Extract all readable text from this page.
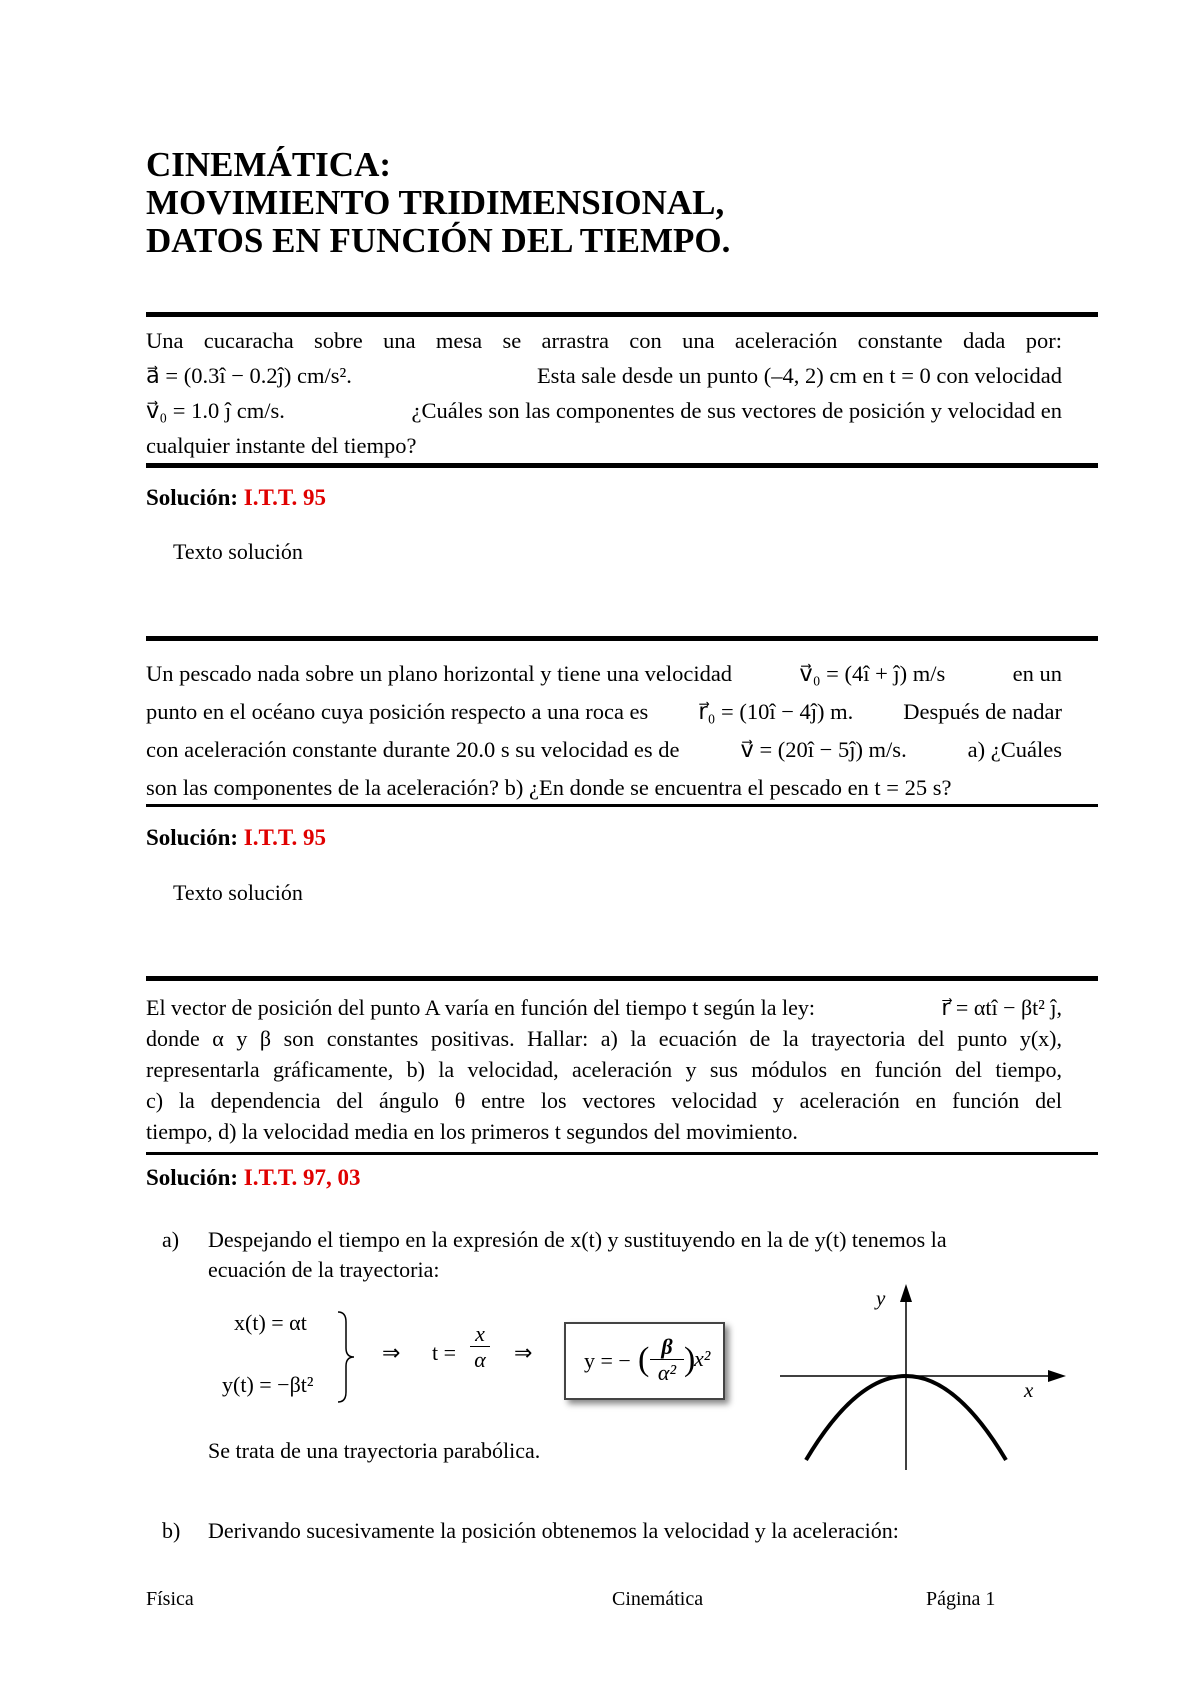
CINEMÁTICA:
MOVIMIENTO TRIDIMENSIONAL,
DATOS EN FUNCIÓN DEL TIEMPO.
Una cucaracha sobre una mesa se arrastra con una aceleración constante dada por:
a⃗ = (0.3î − 0.2ĵ) cm/s².	Esta sale desde un punto (–4, 2) cm en t = 0 con velocidad
v⃗₀ = 1.0 ĵ cm/s.	¿Cuáles son las componentes de sus vectores de posición y velocidad en
cualquier instante del tiempo?
Solución: I.T.T. 95
Texto solución
Un pescado nada sobre un plano horizontal y tiene una velocidad	v⃗₀ = (4î + ĵ) m/s	en un
punto en el océano cuya posición respecto a una roca es r⃗₀ = (10î − 4ĵ) m. Después de nadar
con aceleración constante durante 20.0 s su velocidad es de	v⃗ = (20î − 5ĵ) m/s.	a) ¿Cuáles
son las componentes de la aceleración? b) ¿En donde se encuentra el pescado en t = 25 s?
Solución: I.T.T. 95
Texto solución
El vector de posición del punto A varía en función del tiempo t según la ley:	r⃗ = αtî − βt² ĵ,
donde α y β son constantes positivas. Hallar: a) la ecuación de la trayectoria del punto y(x),
representarla gráficamente, b) la velocidad, aceleración y sus módulos en función del tiempo,
c) la dependencia del ángulo θ entre los vectores velocidad y aceleración en función del
tiempo, d) la velocidad media en los primeros t segundos del movimiento.
Solución: I.T.T. 97, 03
a) Despejando el tiempo en la expresión de x(t) y sustituyendo en la de y(t) tenemos la
ecuación de la trayectoria:
x(t) = αt
y(t) = −βt²
⇒ $t = \frac{x}{\alpha}$ ⇒ y = − ( $\frac{\beta}{\text{α²}}$ )
x²
y
x
Se trata de una trayectoria parabólica.
b) Derivando sucesivamente la posición obtenemos la velocidad y la aceleración:
Física	Cinemática	Página 1
